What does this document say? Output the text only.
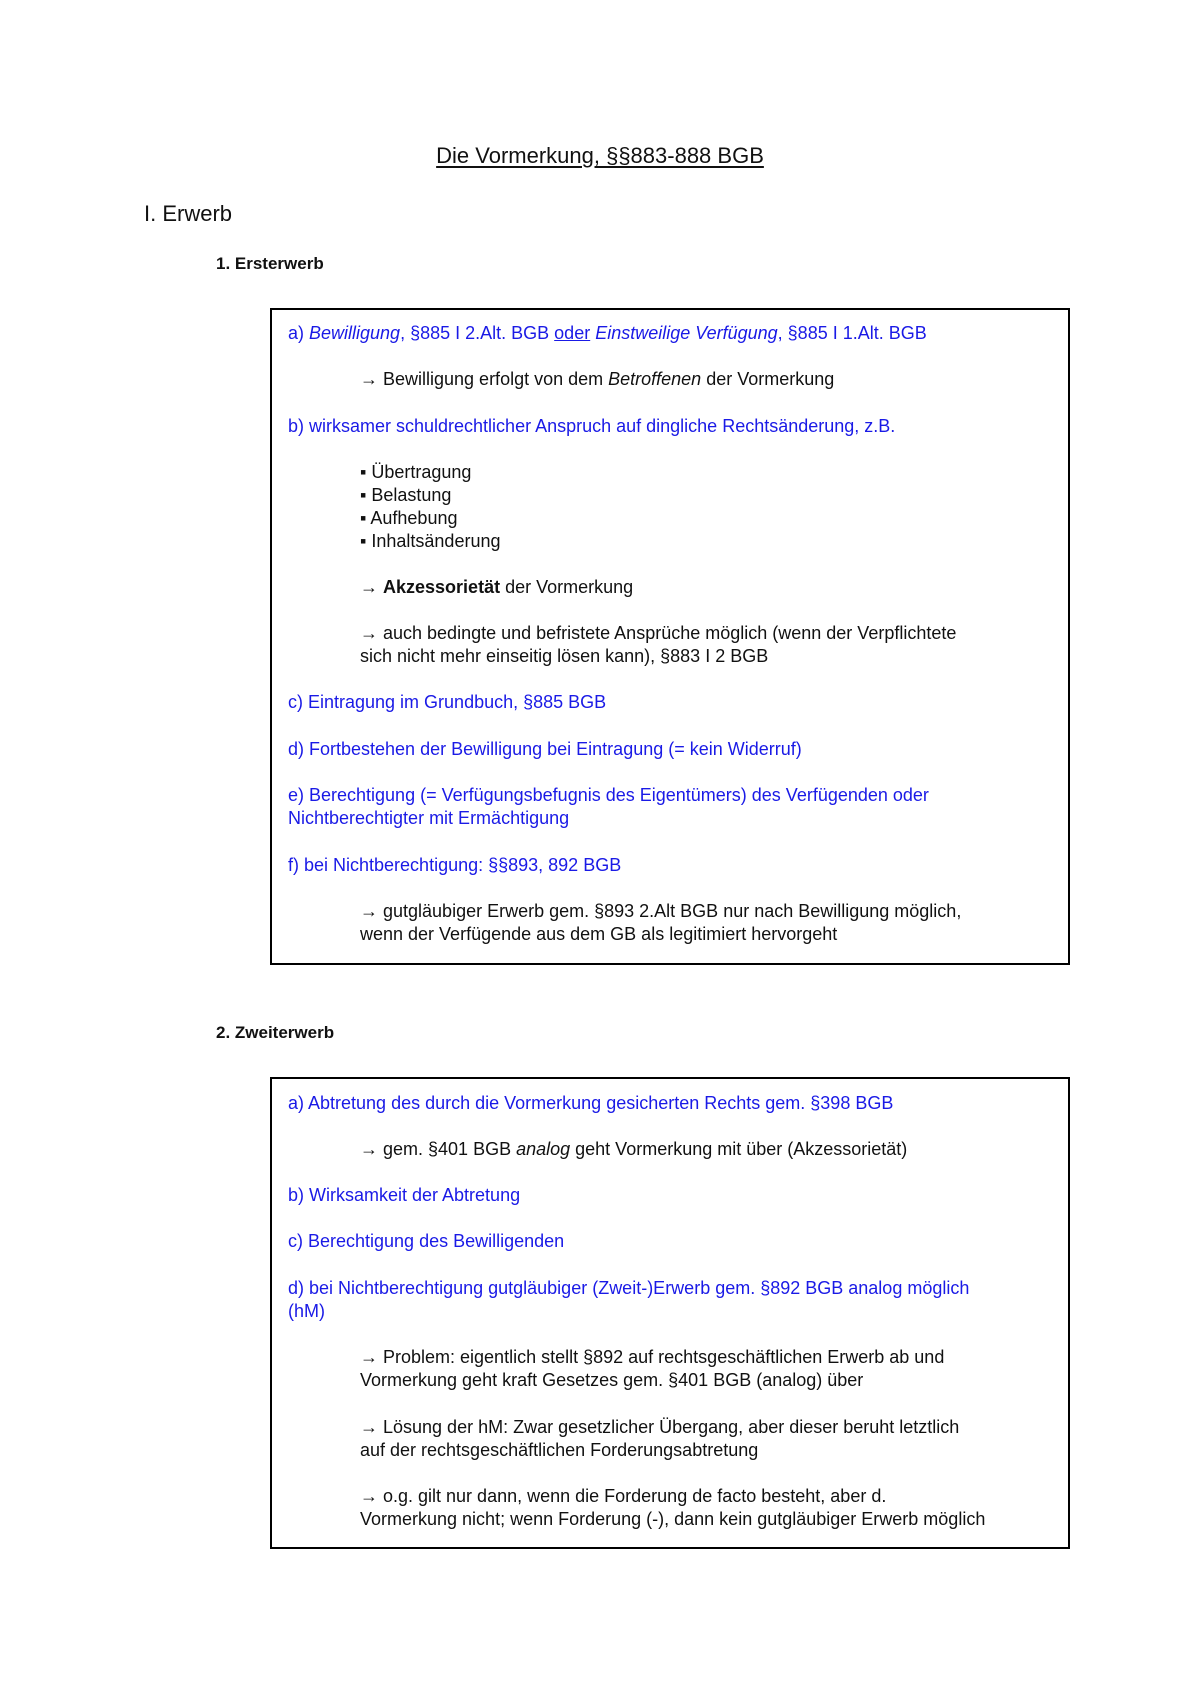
Die Vormerkung, §§883-888 BGB
I. Erwerb
1. Ersterwerb
a) Bewilligung, §885 I 2.Alt. BGB oder Einstweilige Verfügung, §885 I 1.Alt. BGB
→ Bewilligung erfolgt von dem Betroffenen der Vormerkung
b) wirksamer schuldrechtlicher Anspruch auf dingliche Rechtsänderung, z.B.
▪ Übertragung
▪ Belastung
▪ Aufhebung
▪ Inhaltsänderung
→ Akzessorietät der Vormerkung
→ auch bedingte und befristete Ansprüche möglich (wenn der Verpflichtete
sich nicht mehr einseitig lösen kann), §883 I 2 BGB
c) Eintragung im Grundbuch, §885 BGB
d) Fortbestehen der Bewilligung bei Eintragung (= kein Widerruf)
e) Berechtigung (= Verfügungsbefugnis des Eigentümers) des Verfügenden oder
Nichtberechtigter mit Ermächtigung
f) bei Nichtberechtigung: §§893, 892 BGB
→ gutgläubiger Erwerb gem. §893 2.Alt BGB nur nach Bewilligung möglich,
wenn der Verfügende aus dem GB als legitimiert hervorgeht
2. Zweiterwerb
a) Abtretung des durch die Vormerkung gesicherten Rechts gem. §398 BGB
→ gem. §401 BGB analog geht Vormerkung mit über (Akzessorietät)
b) Wirksamkeit der Abtretung
c) Berechtigung des Bewilligenden
d) bei Nichtberechtigung gutgläubiger (Zweit-)Erwerb gem. §892 BGB analog möglich
(hM)
→ Problem: eigentlich stellt §892 auf rechtsgeschäftlichen Erwerb ab und
Vormerkung geht kraft Gesetzes gem. §401 BGB (analog) über
→ Lösung der hM: Zwar gesetzlicher Übergang, aber dieser beruht letztlich
auf der rechtsgeschäftlichen Forderungsabtretung
→ o.g. gilt nur dann, wenn die Forderung de facto besteht, aber d.
Vormerkung nicht; wenn Forderung (-), dann kein gutgläubiger Erwerb möglich
